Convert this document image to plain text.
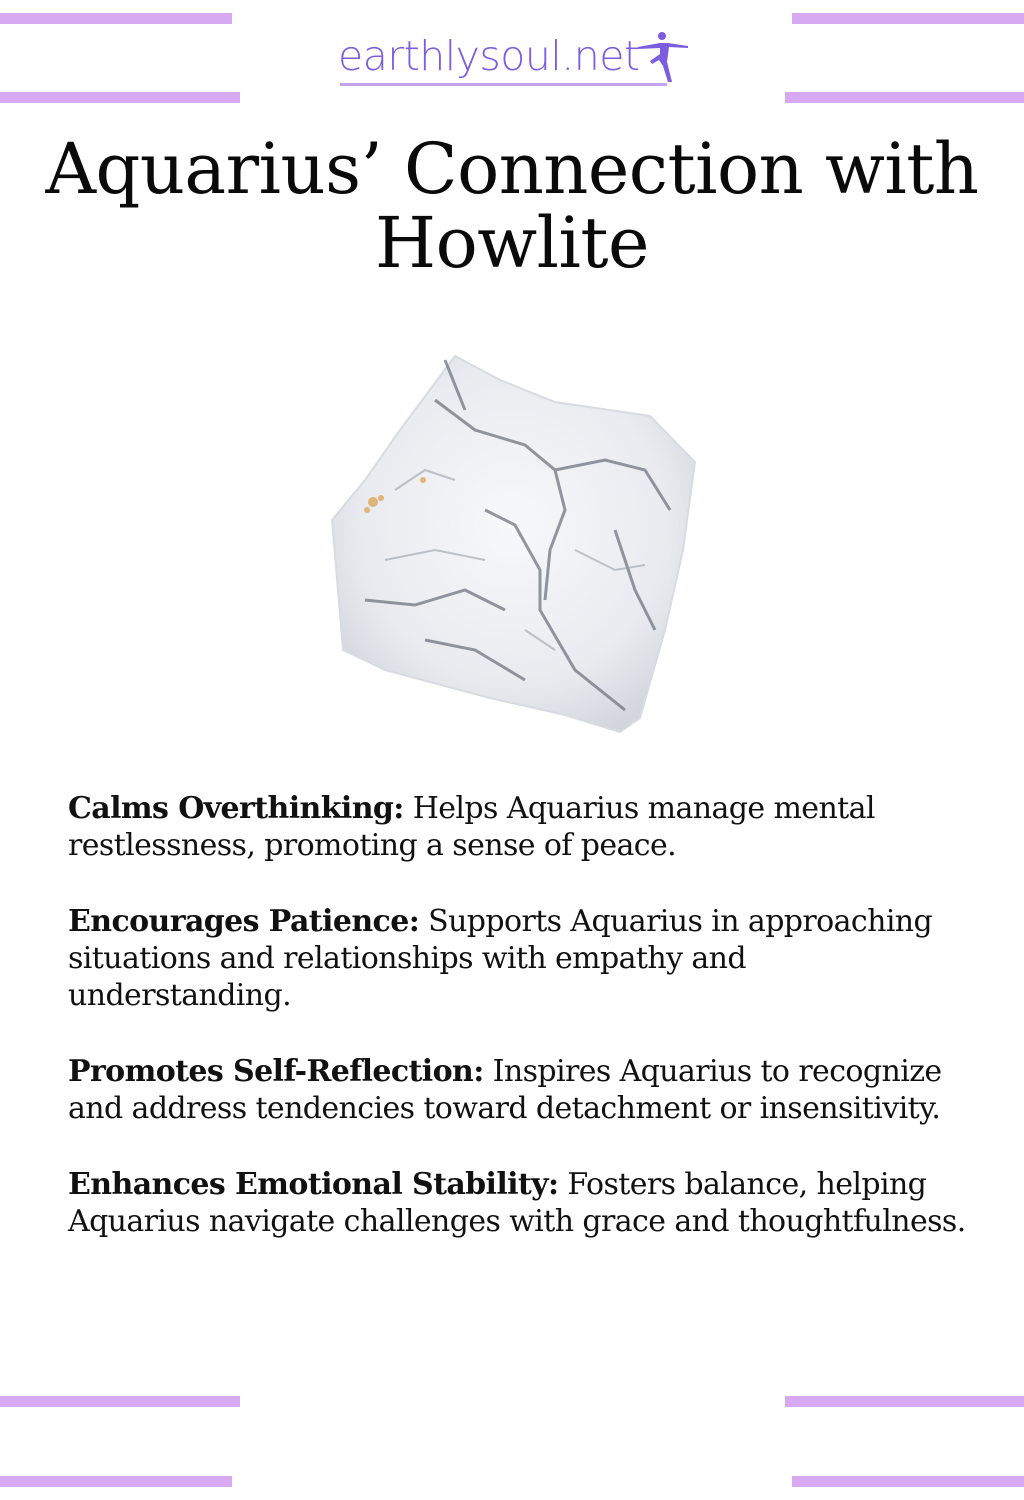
earthlysoul.net
Aquarius’ Connection with Howlite

Calms Overthinking: Helps Aquarius manage mental restlessness, promoting a sense of peace.

Encourages Patience: Supports Aquarius in approaching situations and relationships with empathy and understanding.

Promotes Self-Reflection: Inspires Aquarius to recognize and address tendencies toward detachment or insensitivity.

Enhances Emotional Stability: Fosters balance, helping Aquarius navigate challenges with grace and thoughtfulness.
